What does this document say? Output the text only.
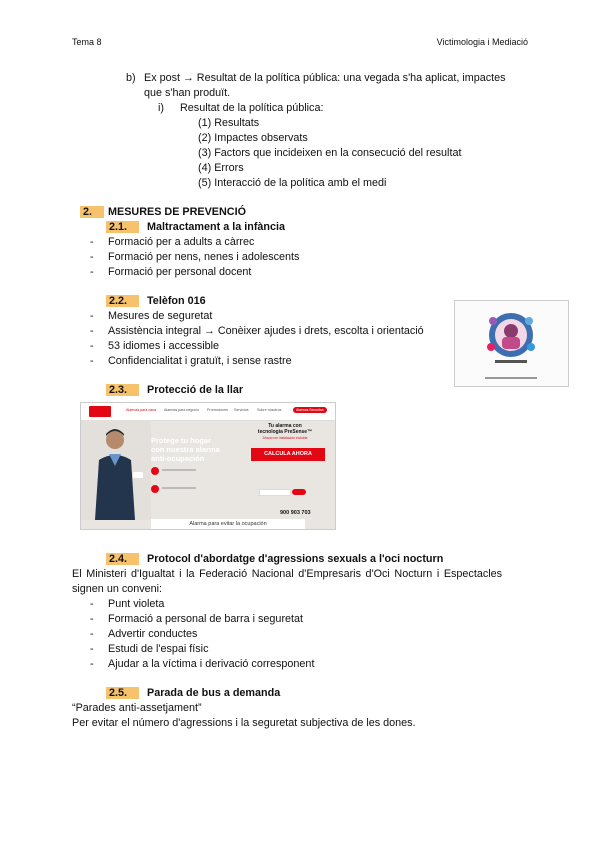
Tema 8	Victimologia i Mediació
b) Ex post → Resultat de la política pública: una vegada s'ha aplicat, impactes
que s'han produït.
i) Resultat de la política pública:
(1) Resultats
(2) Impactes observats
(3) Factors que incideixen en la consecució del resultat
(4) Errors
(5) Interacció de la política amb el medi
2. MESURES DE PREVENCIÓ
2.1. Maltractament a la infància
- Formació per a adults a càrrec
- Formació per nens, nenes i adolescents
- Formació per personal docent
2.2. Telèfon 016
- Mesures de seguretat
- Assistència integral → Conèixer ajudes i drets, escolta i orientació
- 53 idiomes i accessible
- Confidencialitat i gratuït, i sense rastre
2.3. Protecció de la llar
Alarmas para casa Alarmas para negocio Promociones Servicios Sobre nosotros	Alarmas Securitas
Protege tu hogar
con nuestra alarma
anti-ocupación
Tu alarma con
tecnología PreSense™
Ahora con instalación incluida
CALCULA AHORA
900 903 703
Alarma para evitar la ocupación
2.4. Protocol d'abordatge d'agressions sexuals a l'oci nocturn
El Ministeri d'Igualtat i la Federació Nacional d'Empresaris d'Oci Nocturn i Espectacles
signen un conveni:
- Punt violeta
- Formació a personal de barra i seguretat
- Advertir conductes
- Estudi de l'espai físic
- Ajudar a la víctima i derivació corresponent
2.5. Parada de bus a demanda
“Parades anti-assetjament”
Per evitar el número d'agressions i la seguretat subjectiva de les dones.
